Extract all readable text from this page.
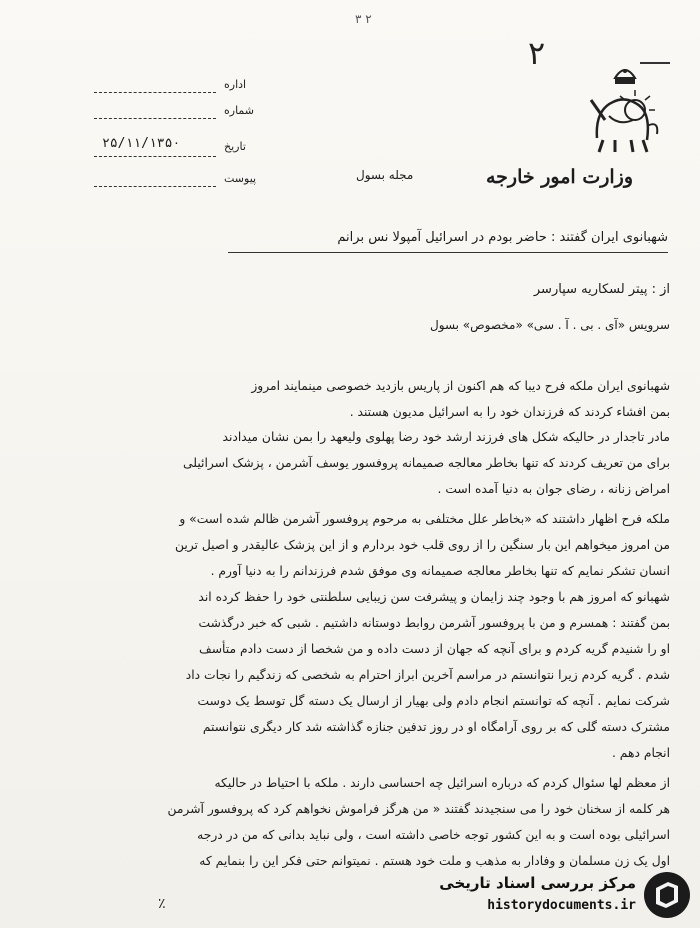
۳ ۲
۲
اداره
شماره
تاریخ
۲۵/۱۱/۱۳۵۰
پیوست	مجله بسول	وزارت امور خارجه
شهبانوی ایران گفتند : حاضر بودم در اسرائیل آمپولا نس برانم
از : پیتر لسکاریه سپارسر
سرویس «آی . بی . آ . سی» «مخصوص» بسول
شهبانوی ایران ملکه فرح دیبا که هم اکنون از پاریس بازدید خصوصی مینمایند امروز
بمن افشاء کردند که فرزندان خود را به اسرائیل مدیون هستند .
مادر تاجدار در حالیکه شکل های فرزند ارشد خود رضا پهلوی ولیعهد را بمن نشان میدادند
برای من تعریف کردند که تنها بخاطر معالجه صمیمانه پروفسور یوسف آشرمن ، پزشک اسرائیلی
امراض زنانه ، رضای جوان به دنیا آمده است .
ملکه فرح اظهار داشتند که «بخاطر علل مختلفی به مرحوم پروفسور آشرمن ظالم شده است» و
من امروز میخواهم این بار سنگین را از روی قلب خود بردارم و از این پزشک عالیقدر و اصیل ترین
انسان تشکر نمایم که تنها بخاطر معالجه صمیمانه وی موفق شدم فرزندانم را به دنیا آورم .
شهبانو که امروز هم با وجود چند زایمان و پیشرفت سن زیبایی سلطنتی خود را حفظ کرده اند
بمن گفتند : همسرم و من با پروفسور آشرمن روابط دوستانه داشتیم . شبی که خبر درگذشت
او را شنیدم گریه کردم و برای آنچه که جهان از دست داده و من شخصا از دست دادم متأسف
شدم . گریه کردم زیرا نتوانستم در مراسم آخرین ابراز احترام به شخصی که زندگیم را نجات داد
شرکت نمایم . آنچه که توانستم انجام دادم ولی بهیار از ارسال یک دسته گل توسط یک دوست
مشترک دسته گلی که بر روی آرامگاه او در روز تدفین جنازه گذاشته شد کار دیگری نتوانستم
انجام دهم .
از معظم لها سئوال کردم که درباره اسرائیل چه احساسی دارند . ملکه با احتیاط در حالیکه
هر کلمه از سخنان خود را می سنجیدند گفتند « من هرگز فراموش نخواهم کرد که پروفسور آشرمن
اسرائیلی بوده است و به این کشور توجه خاصی داشته است ، ولی نباید بدانی که من در درجه
اول یک زن مسلمان و وفادار به مذهب و ملت خود هستم . نمیتوانم حتی فکر این را بنمایم که
٪
مرکز بررسی اسناد تاریخی
historydocuments.ir
